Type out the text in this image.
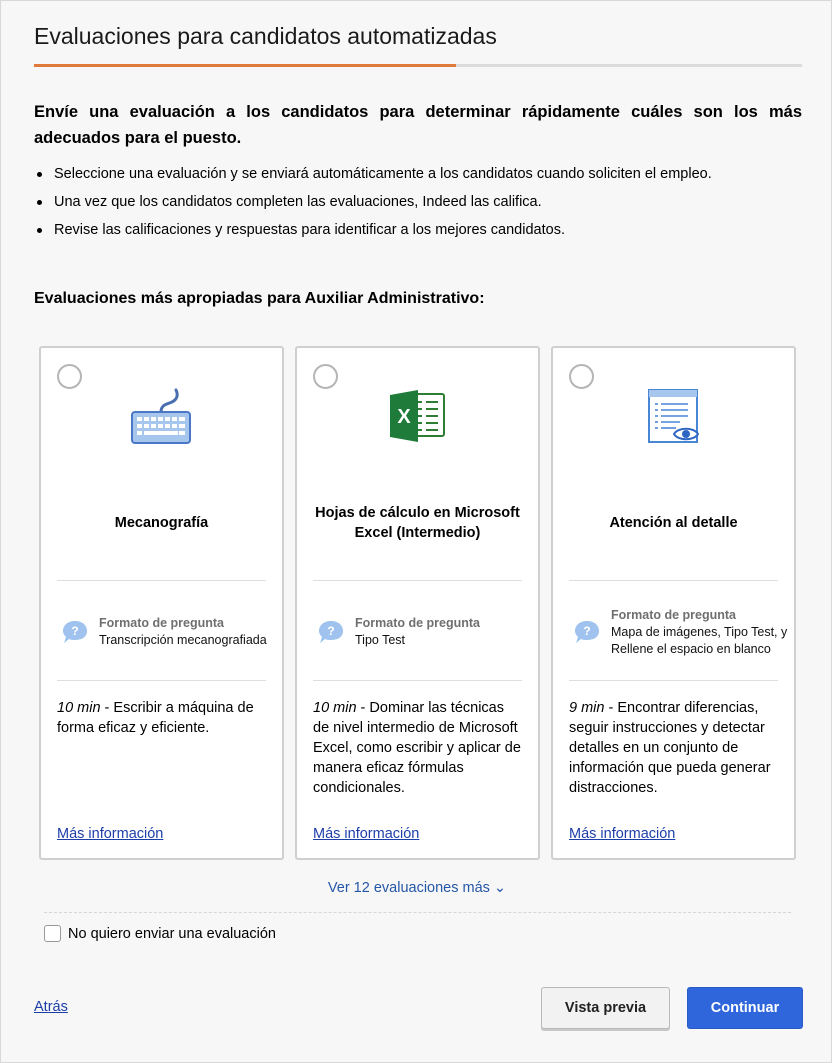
Evaluaciones para candidatos automatizadas

Envíe una evaluación a los candidatos para determinar rápidamente cuáles son los más adecuados para el puesto.

Seleccione una evaluación y se enviará automáticamente a los candidatos cuando soliciten el empleo.
Una vez que los candidatos completen las evaluaciones, Indeed las califica.
Revise las calificaciones y respuestas para identificar a los mejores candidatos.
Evaluaciones más apropiadas para Auxiliar Administrativo:
Mecanografía
?
Formato de pregunta
Transcripción mecanografiada
10 min - Escribir a máquina de forma eficaz y eficiente.
Más información
X
Hojas de cálculo en Microsoft Excel (Intermedio)
?
Formato de pregunta
Tipo Test
10 min - Dominar las técnicas de nivel intermedio de Microsoft Excel, como escribir y aplicar de manera eficaz fórmulas condicionales.
Más información
Atención al detalle
?
Formato de pregunta
Mapa de imágenes, Tipo Test, y Rellene el espacio en blanco
9 min - Encontrar diferencias, seguir instrucciones y detectar detalles en un conjunto de información que pueda generar distracciones.
Más información
Ver 12 evaluaciones más ⌄
No quiero enviar una evaluación
Atrás	Vista previa	Continuar
